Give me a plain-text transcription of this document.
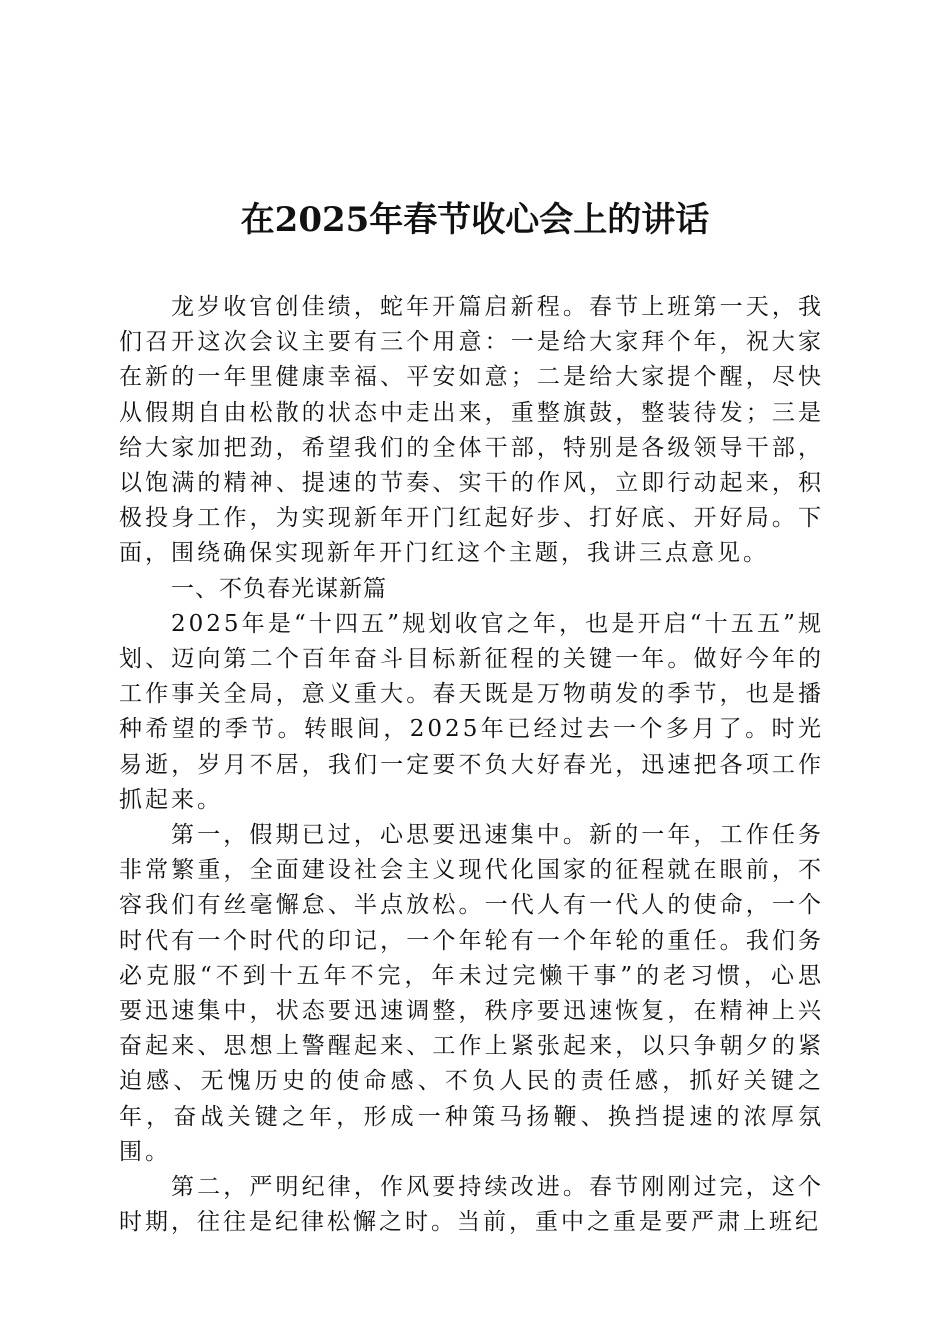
在2025年春节收心会上的讲话

龙岁收官创佳绩，蛇年开篇启新程。春节上班第一天，我们召开这次会议主要有三个用意：一是给大家拜个年，祝大家在新的一年里健康幸福、平安如意；二是给大家提个醒，尽快从假期自由松散的状态中走出来，重整旗鼓，整装待发；三是给大家加把劲，希望我们的全体干部，特别是各级领导干部，以饱满的精神、提速的节奏、实干的作风，立即行动起来，积极投身工作，为实现新年开门红起好步、打好底、开好局。下面，围绕确保实现新年开门红这个主题，我讲三点意见。

一、不负春光谋新篇

2025年是“十四五”规划收官之年，也是开启“十五五”规划、迈向第二个百年奋斗目标新征程的关键一年。做好今年的工作事关全局，意义重大。春天既是万物萌发的季节，也是播种希望的季节。转眼间，2025年已经过去一个多月了。时光易逝，岁月不居，我们一定要不负大好春光，迅速把各项工作抓起来。

第一，假期已过，心思要迅速集中。新的一年，工作任务非常繁重，全面建设社会主义现代化国家的征程就在眼前，不容我们有丝毫懈怠、半点放松。一代人有一代人的使命，一个时代有一个时代的印记，一个年轮有一个年轮的重任。我们务必克服“不到十五年不完，年未过完懒干事”的老习惯，心思要迅速集中，状态要迅速调整，秩序要迅速恢复，在精神上兴奋起来、思想上警醒起来、工作上紧张起来，以只争朝夕的紧迫感、无愧历史的使命感、不负人民的责任感，抓好关键之年，奋战关键之年，形成一种策马扬鞭、换挡提速的浓厚氛围。

第二，严明纪律，作风要持续改进。春节刚刚过完，这个时期，往往是纪律松懈之时。当前，重中之重是要严肃上班纪
